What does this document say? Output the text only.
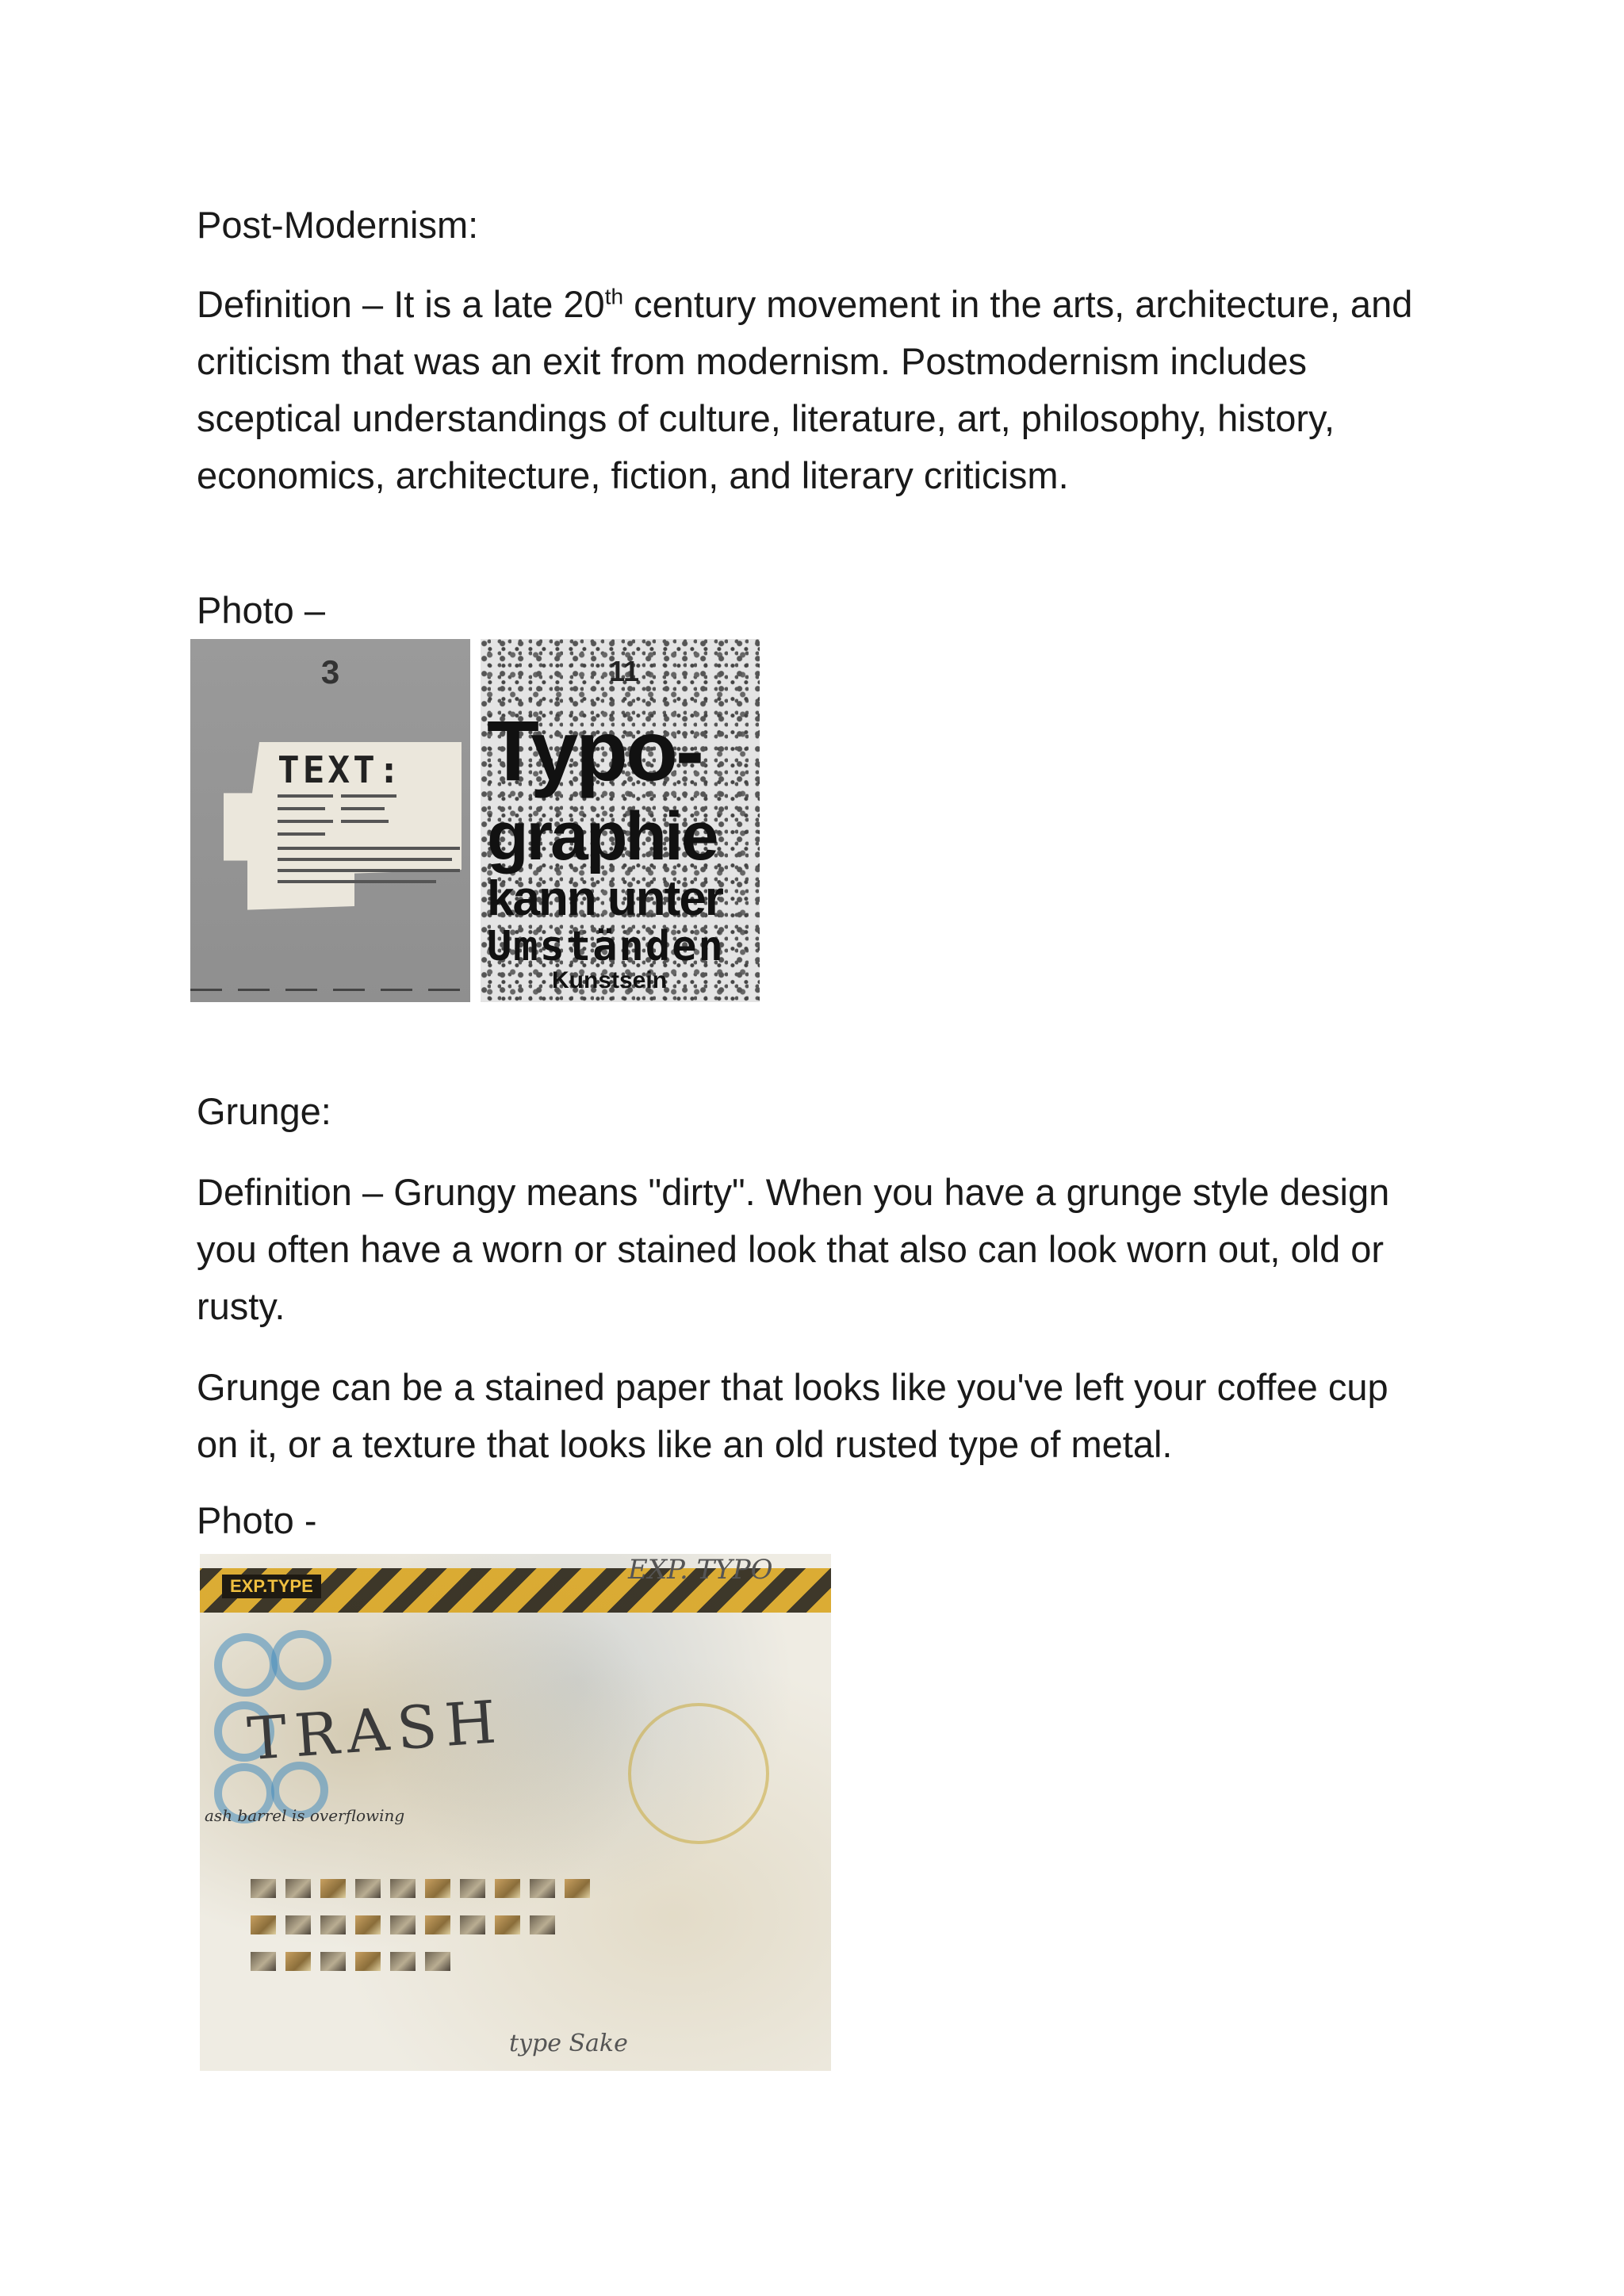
Post-Modernism:

Definition – It is a late 20th century movement in the arts, architecture, and criticism that was an exit from modernism. Postmodernism includes sceptical understandings of culture, literature, art, philosophy, history, economics, architecture, fiction, and literary criticism.

Photo –

3
TEXT:
11
Typo-
graphie
kann unter
Umständen
Kunstsein

Grunge:

Definition – Grungy means "dirty". When you have a grunge style design you often have a worn or stained look that also can look worn out, old or rusty.

Grunge can be a stained paper that looks like you've left your coffee cup on it, or a texture that looks like an old rusted type of metal.

Photo -

EXP.TYPE
EXP. TYPO
TRASH
ash barrel is overflowing
type Sake
